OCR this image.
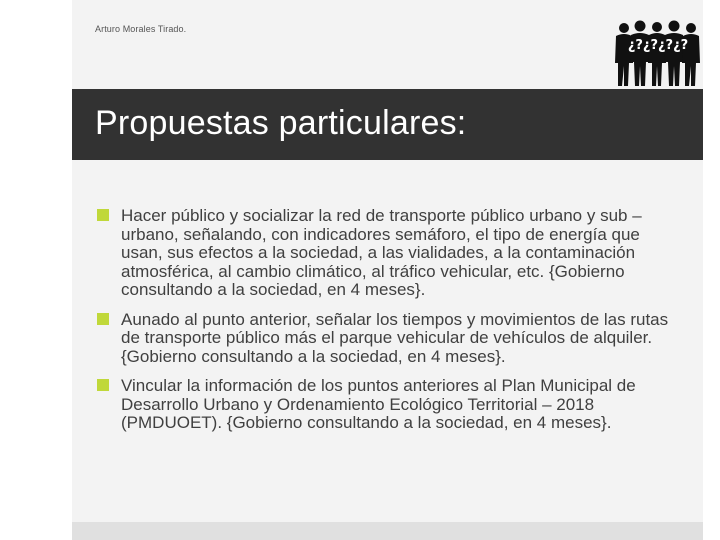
Arturo Morales Tirado.
¿?¿?¿?¿?
Propuestas particulares:
Hacer público y socializar la red de transporte público urbano y sub – urbano, señalando, con indicadores semáforo, el tipo de energía que usan, sus efectos a la sociedad, a las vialidades, a la contaminación atmosférica, al cambio climático, al tráfico vehicular, etc. {Gobierno consultando a la sociedad, en 4 meses}.
Aunado al punto anterior, señalar los tiempos y movimientos de las rutas de transporte público más el parque vehicular de vehículos de alquiler. {Gobierno consultando a la sociedad, en 4 meses}.
Vincular la información de los puntos anteriores al Plan Municipal de Desarrollo Urbano y Ordenamiento Ecológico Territorial – 2018 (PMDUOET). {Gobierno consultando a la sociedad, en 4 meses}.
